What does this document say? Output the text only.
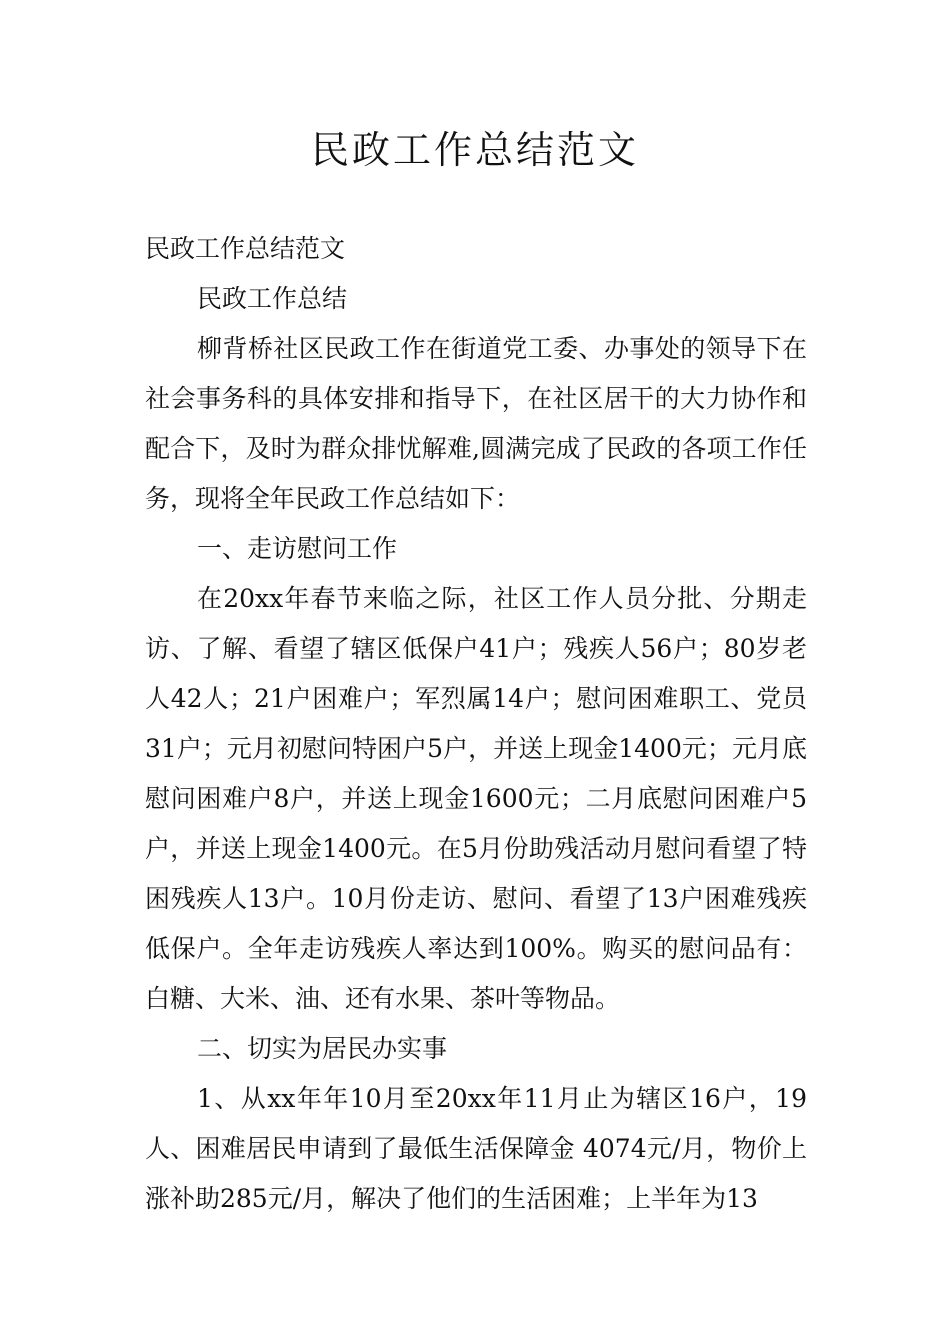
民政工作总结范文

民政工作总结范文

民政工作总结

柳背桥社区民政工作在街道党工委、办事处的领导下在社会事务科的具体安排和指导下，在社区居干的大力协作和配合下，及时为群众排忧解难,圆满完成了民政的各项工作任务，现将全年民政工作总结如下：

一、走访慰问工作

在20xx年春节来临之际，社区工作人员分批、分期走访、了解、看望了辖区低保户41户；残疾人56户；80岁老人42人；21户困难户；军烈属14户；慰问困难职工、党员31户；元月初慰问特困户5户，并送上现金1400元；元月底慰问困难户8户，并送上现金1600元；二月底慰问困难户5户，并送上现金1400元。在5月份助残活动月慰问看望了特困残疾人13户。10月份走访、慰问、看望了13户困难残疾低保户。全年走访残疾人率达到100%。购买的慰问品有：白糖、大米、油、还有水果、茶叶等物品。

二、切实为居民办实事

1、从xx年年10月至20xx年11月止为辖区16户，19人、困难居民申请到了最低生活保障金 4074元/月，物价上涨补助285元/月，解决了他们的生活困难；上半年为13
